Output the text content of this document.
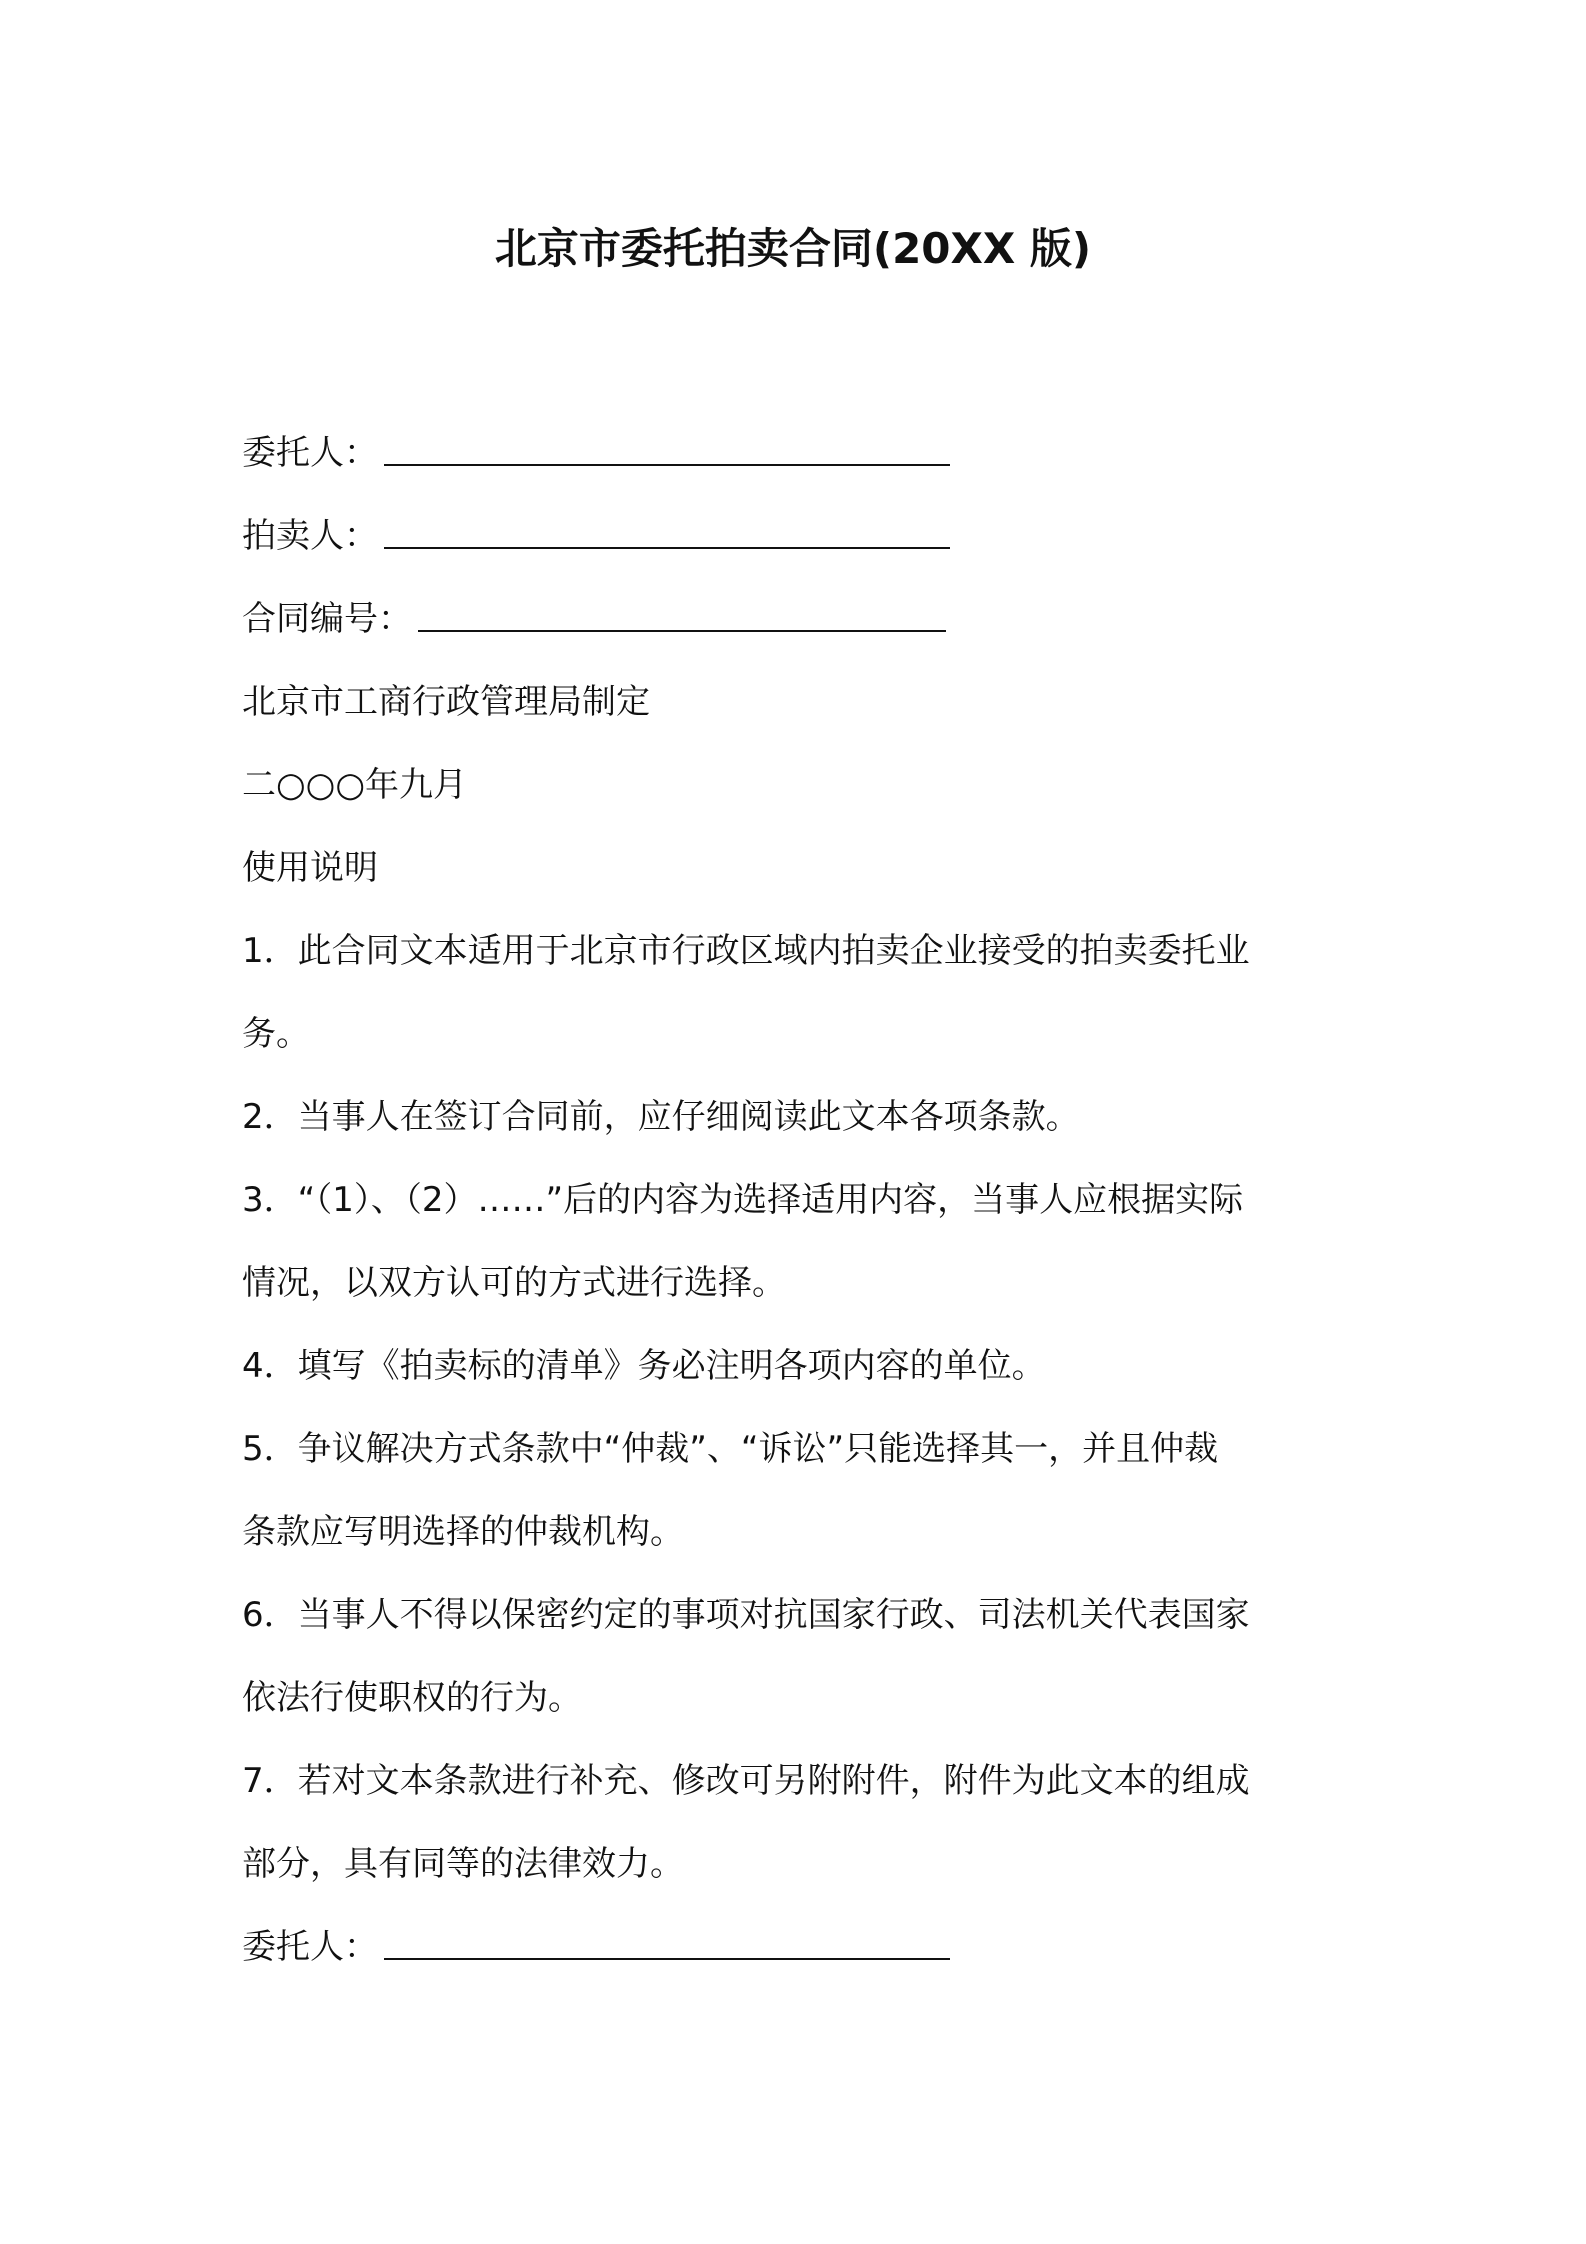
北京市委托拍卖合同(20XX 版)
委托人：
拍卖人：
合同编号：
北京市工商行政管理局制定
二○○○年九月
使用说明
1．此合同文本适用于北京市行政区域内拍卖企业接受的拍卖委托业
务。
2．当事人在签订合同前，应仔细阅读此文本各项条款。
3．“（1）、（2）……”后的内容为选择适用内容，当事人应根据实际
情况，以双方认可的方式进行选择。
4．填写《拍卖标的清单》务必注明各项内容的单位。
5．争议解决方式条款中“仲裁”、“诉讼”只能选择其一，并且仲裁
条款应写明选择的仲裁机构。
6．当事人不得以保密约定的事项对抗国家行政、司法机关代表国家
依法行使职权的行为。
7．若对文本条款进行补充、修改可另附附件，附件为此文本的组成
部分，具有同等的法律效力。
委托人：
